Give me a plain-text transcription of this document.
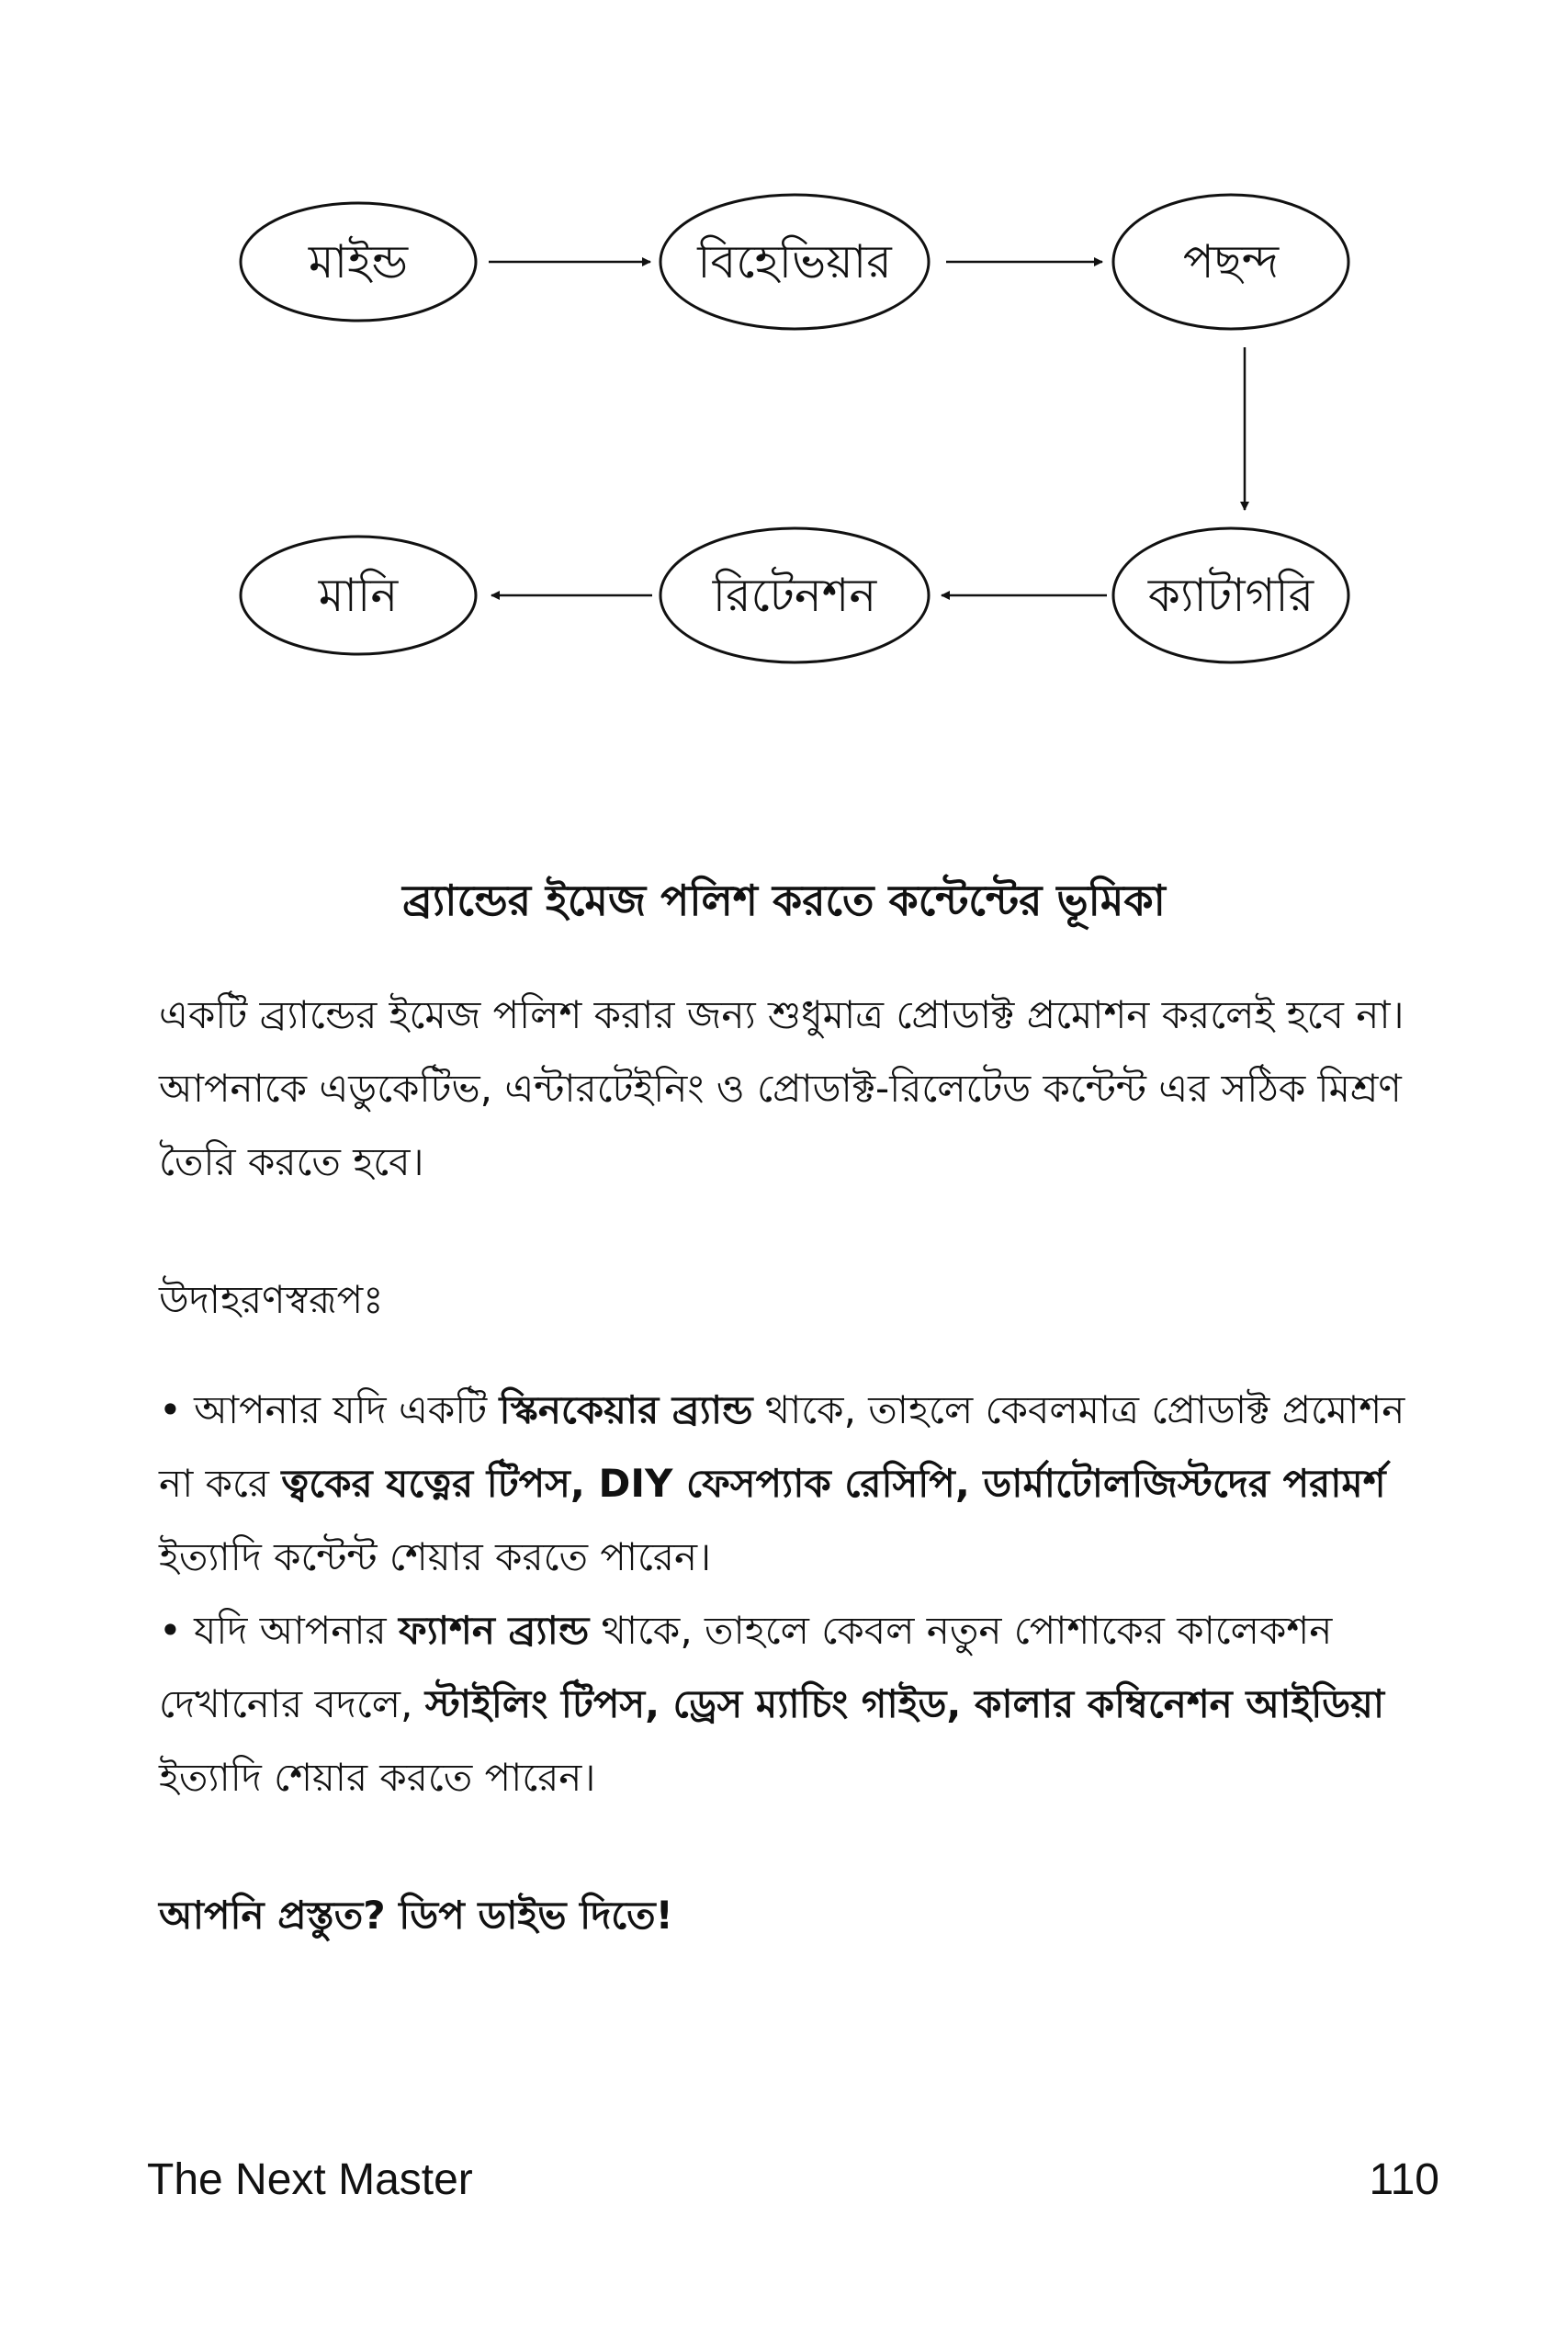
মাইন্ড	বিহেভিয়ার	পছন্দ
মানি	রিটেনশন	ক্যাটাগরি
ব্র্যান্ডের ইমেজ পলিশ করতে কন্টেন্টের ভূমিকা

একটি ব্র্যান্ডের ইমেজ পলিশ করার জন্য শুধুমাত্র প্রোডাক্ট প্রমোশন করলেই হবে না। আপনাকে এডুকেটিভ, এন্টারটেইনিং ও প্রোডাক্ট-রিলেটেড কন্টেন্ট এর সঠিক মিশ্রণ তৈরি করতে হবে।

উদাহরণস্বরূপঃ

• আপনার যদি একটি স্কিনকেয়ার ব্র্যান্ড থাকে, তাহলে কেবলমাত্র প্রোডাক্ট প্রমোশন না করে ত্বকের যত্নের টিপস, DIY ফেসপ্যাক রেসিপি, ডার্মাটোলজিস্টদের পরামর্শ ইত্যাদি কন্টেন্ট শেয়ার করতে পারেন।

• যদি আপনার ফ্যাশন ব্র্যান্ড থাকে, তাহলে কেবল নতুন পোশাকের কালেকশন দেখানোর বদলে, স্টাইলিং টিপস, ড্রেস ম্যাচিং গাইড, কালার কম্বিনেশন আইডিয়া ইত্যাদি শেয়ার করতে পারেন।

আপনি প্রস্তুত? ডিপ ডাইভ দিতে!
The Next Master	110
